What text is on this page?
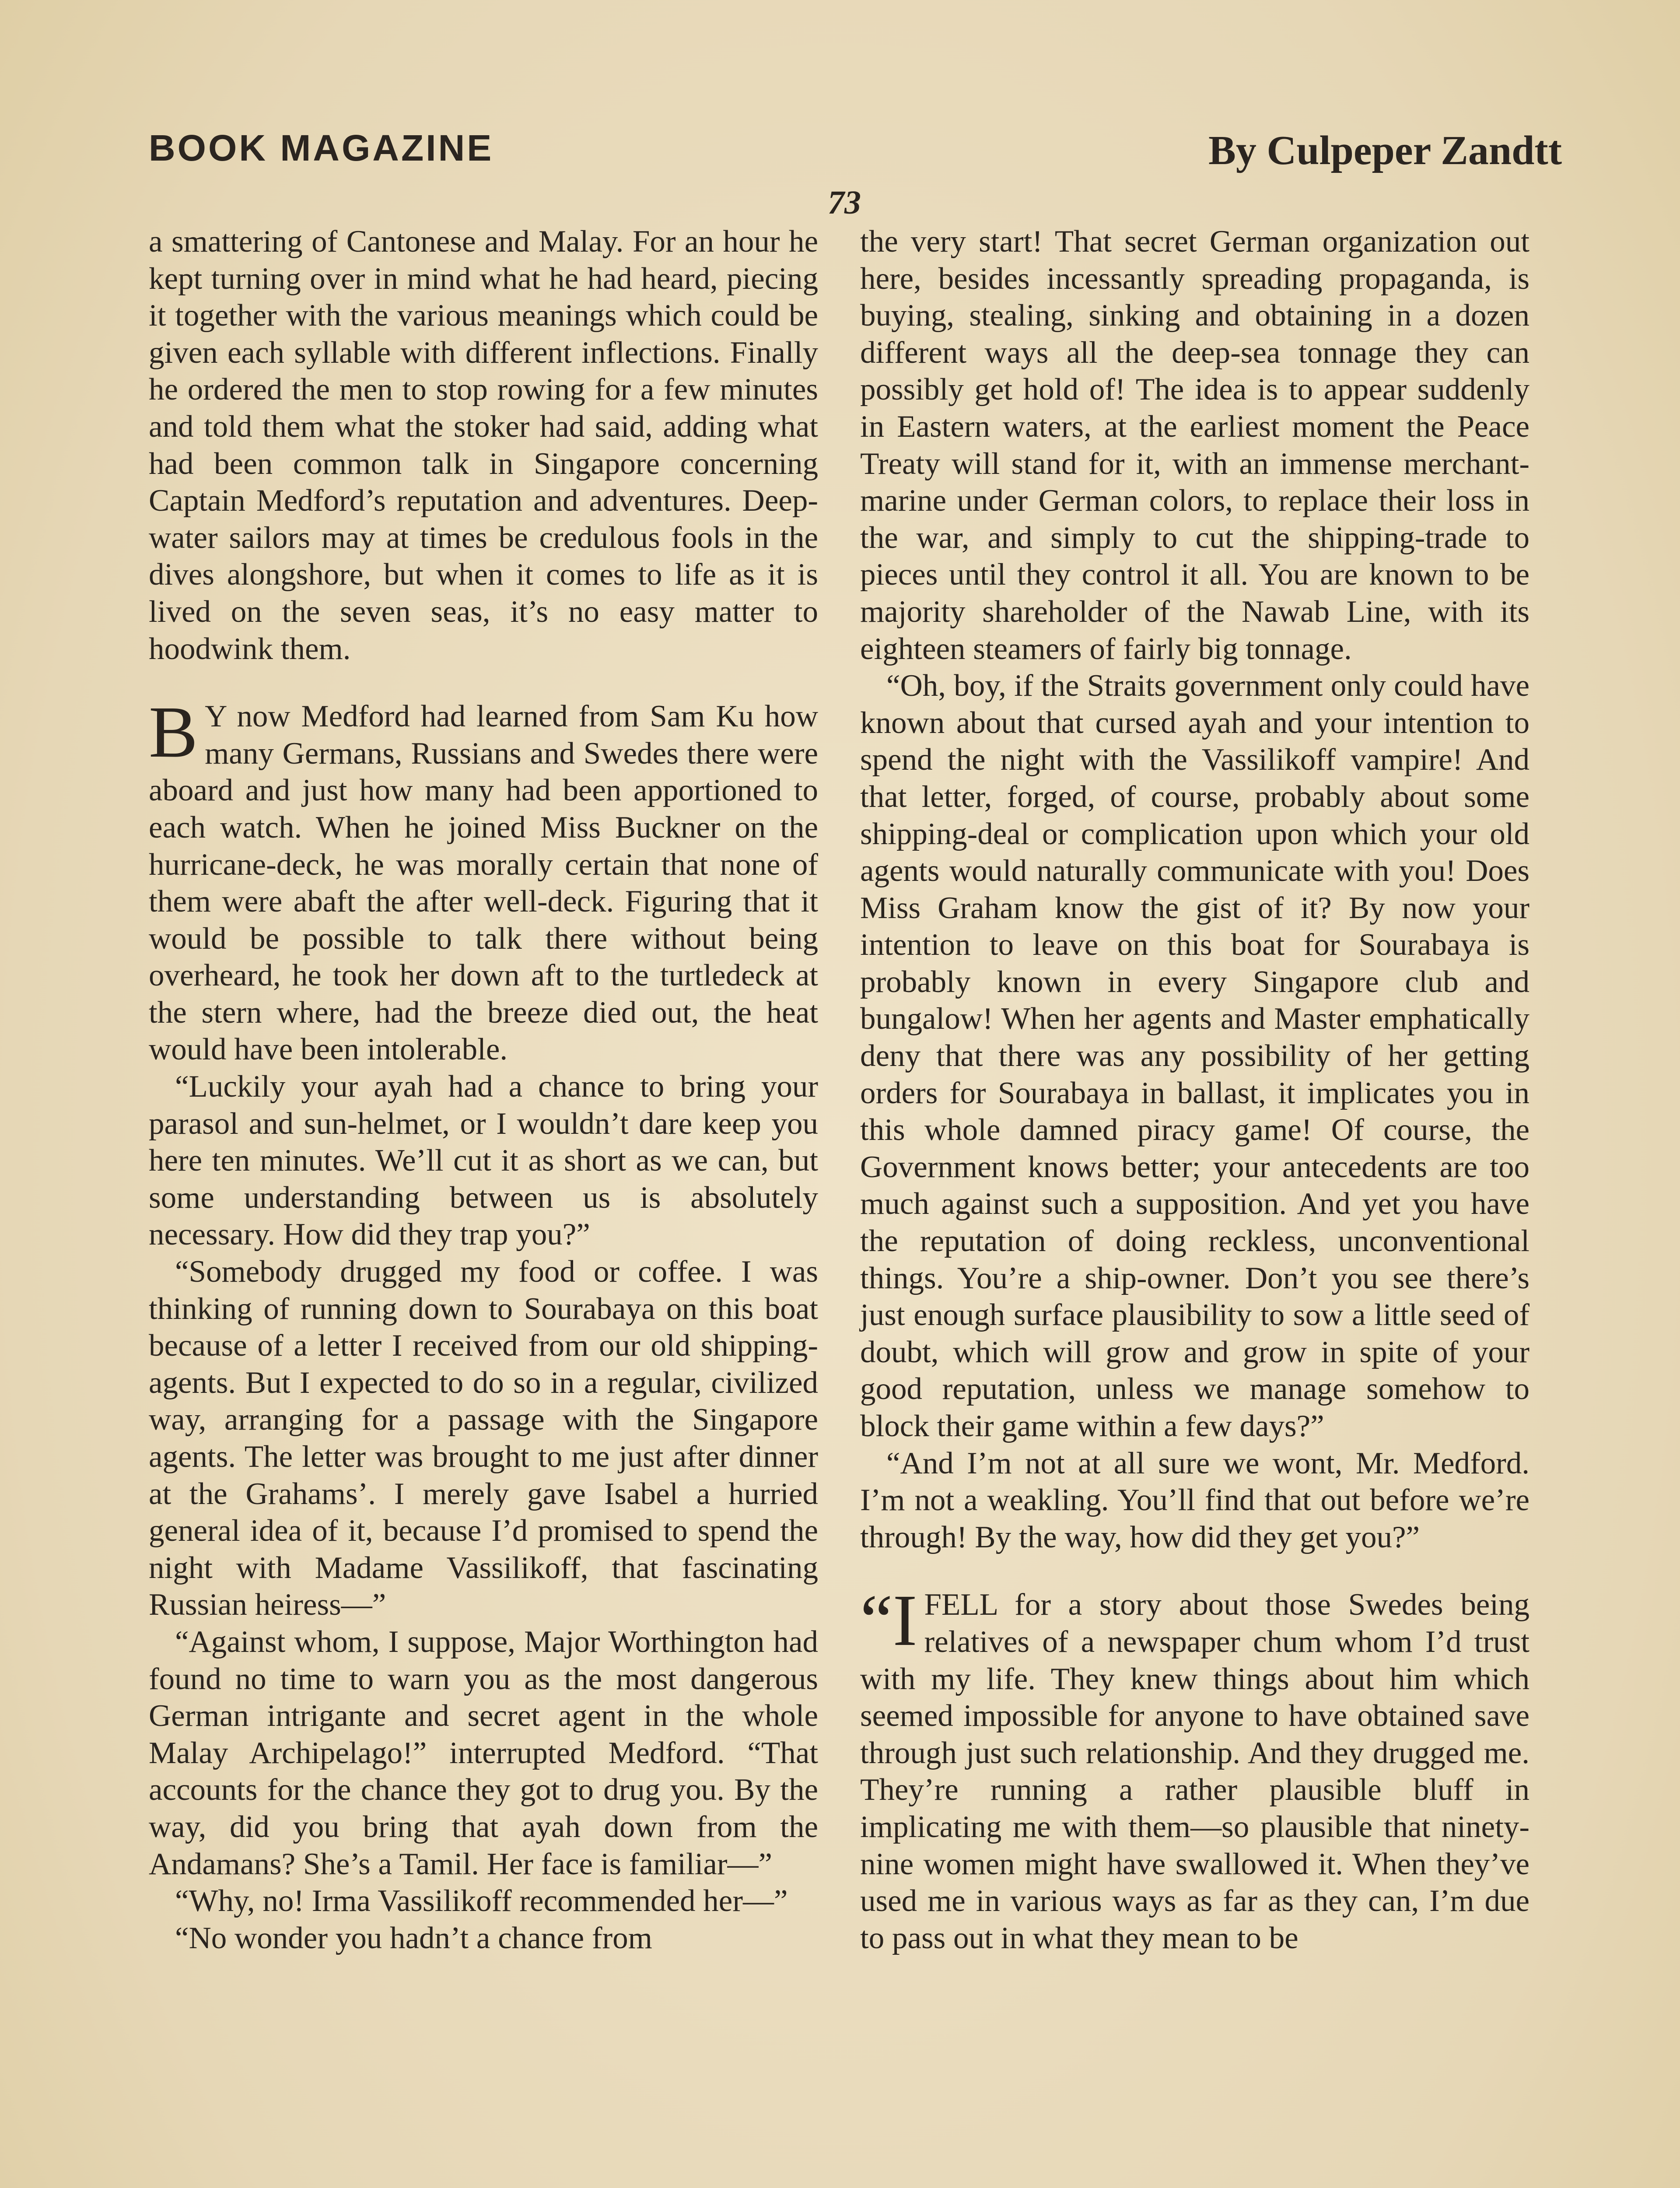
BOOK MAGAZINE	By Culpeper Zandtt
73

a smattering of Cantonese and Malay. For an hour he kept turning over in mind what he had heard, piecing it together with the various meanings which could be given each syllable with different inflections. Finally he ordered the men to stop rowing for a few minutes and told them what the stoker had said, adding what had been common talk in Singapore concerning Captain Medford’s reputation and adventures. Deep-water sailors may at times be credulous fools in the dives alongshore, but when it comes to life as it is lived on the seven seas, it’s no easy matter to hoodwink them.

B Y now Medford had learned from Sam Ku how many Germans, Russians and Swedes there were aboard and just how many had been apportioned to each watch. When he joined Miss Buckner on the hurricane-deck, he was morally certain that none of them were abaft the after well-deck. Figuring that it would be possible to talk there without being overheard, he took her down aft to the turtledeck at the stern where, had the breeze died out, the heat would have been intolerable.

“Luckily your ayah had a chance to bring your parasol and sun-helmet, or I wouldn’t dare keep you here ten minutes. We’ll cut it as short as we can, but some understanding between us is absolutely necessary. How did they trap you?”

“Somebody drugged my food or coffee. I was thinking of running down to Sourabaya on this boat because of a letter I received from our old shipping-agents. But I expected to do so in a regular, civilized way, arranging for a passage with the Singapore agents. The letter was brought to me just after dinner at the Grahams’. I merely gave Isabel a hurried general idea of it, because I’d promised to spend the night with Madame Vassilikoff, that fascinating Russian heiress—”

“Against whom, I suppose, Major Worthington had found no time to warn you as the most dangerous German intrigante and secret agent in the whole Malay Archipelago!” interrupted Medford. “That accounts for the chance they got to drug you. By the way, did you bring that ayah down from the Andamans? She’s a Tamil. Her face is familiar—”

“Why, no! Irma Vassilikoff recommended her—”

“No wonder you hadn’t a chance from

the very start! That secret German organization out here, besides incessantly spreading propaganda, is buying, stealing, sinking and obtaining in a dozen different ways all the deep-sea tonnage they can possibly get hold of! The idea is to appear suddenly in Eastern waters, at the earliest moment the Peace Treaty will stand for it, with an immense merchant-marine under German colors, to replace their loss in the war, and simply to cut the shipping-trade to pieces until they control it all. You are known to be majority shareholder of the Nawab Line, with its eighteen steamers of fairly big tonnage.

“Oh, boy, if the Straits government only could have known about that cursed ayah and your intention to spend the night with the Vassilikoff vampire! And that letter, forged, of course, probably about some shipping-deal or complication upon which your old agents would naturally communicate with you! Does Miss Graham know the gist of it? By now your intention to leave on this boat for Sourabaya is probably known in every Singapore club and bungalow! When her agents and Master emphatically deny that there was any possibility of her getting orders for Sourabaya in ballast, it implicates you in this whole damned piracy game! Of course, the Government knows better; your antecedents are too much against such a supposition. And yet you have the reputation of doing reckless, unconventional things. You’re a ship-owner. Don’t you see there’s just enough surface plausibility to sow a little seed of doubt, which will grow and grow in spite of your good reputation, unless we manage somehow to block their game within a few days?”

“And I’m not at all sure we wont, Mr. Medford. I’m not a weakling. You’ll find that out before we’re through! By the way, how did they get you?”

“IFELL for a story about those Swedes being relatives of a newspaper chum whom I’d trust with my life. They knew things about him which seemed impossible for anyone to have obtained save through just such relationship. And they drugged me. They’re running a rather plausible bluff in implicating me with them—so plausible that ninety-nine women might have swallowed it. When they’ve used me in various ways as far as they can, I’m due to pass out in what they mean to be
